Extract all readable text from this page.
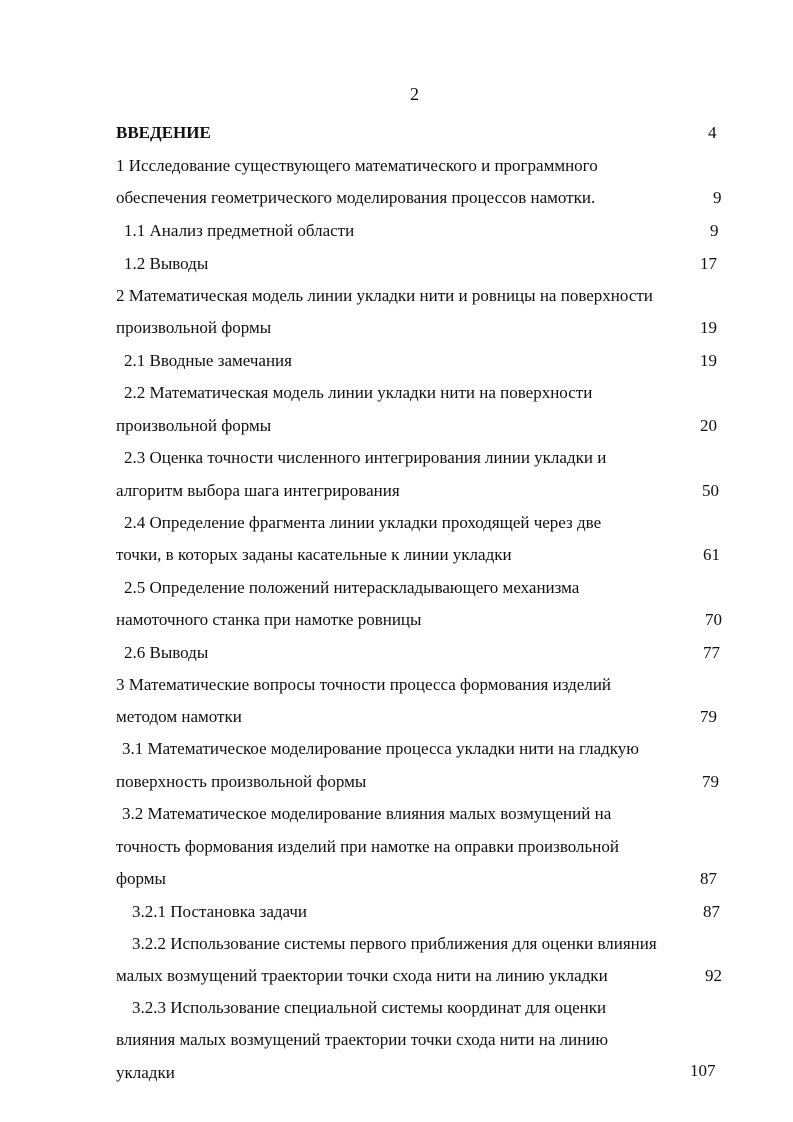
2
ВВЕДЕНИЕ	4
1 Исследование существующего математического и программного
обеспечения геометрического моделирования процессов намотки.	9
1.1 Анализ предметной области	9
1.2 Выводы	17
2 Математическая модель линии укладки нити и ровницы на поверхности
произвольной формы	19
2.1 Вводные замечания	19
2.2 Математическая модель линии укладки нити на поверхности
произвольной формы	20
2.3 Оценка точности численного интегрирования линии укладки и
алгоритм выбора шага интегрирования	50
2.4 Определение фрагмента линии укладки проходящей через две
точки, в которых заданы касательные к линии укладки	61
2.5 Определение положений нитераскладывающего механизма
намоточного станка при намотке ровницы	70
2.6 Выводы	77
3 Математические вопросы точности процесса формования изделий
методом намотки	79
3.1 Математическое моделирование процесса укладки нити на гладкую
поверхность произвольной формы	79
3.2 Математическое моделирование влияния малых возмущений на
точность формования изделий при намотке на оправки произвольной
формы	87
3.2.1 Постановка задачи	87
3.2.2 Использование системы первого приближения для оценки влияния
малых возмущений траектории точки схода нити на линию укладки	92
3.2.3 Использование специальной системы координат для оценки
влияния малых возмущений траектории точки схода нити на линию
укладки	107
